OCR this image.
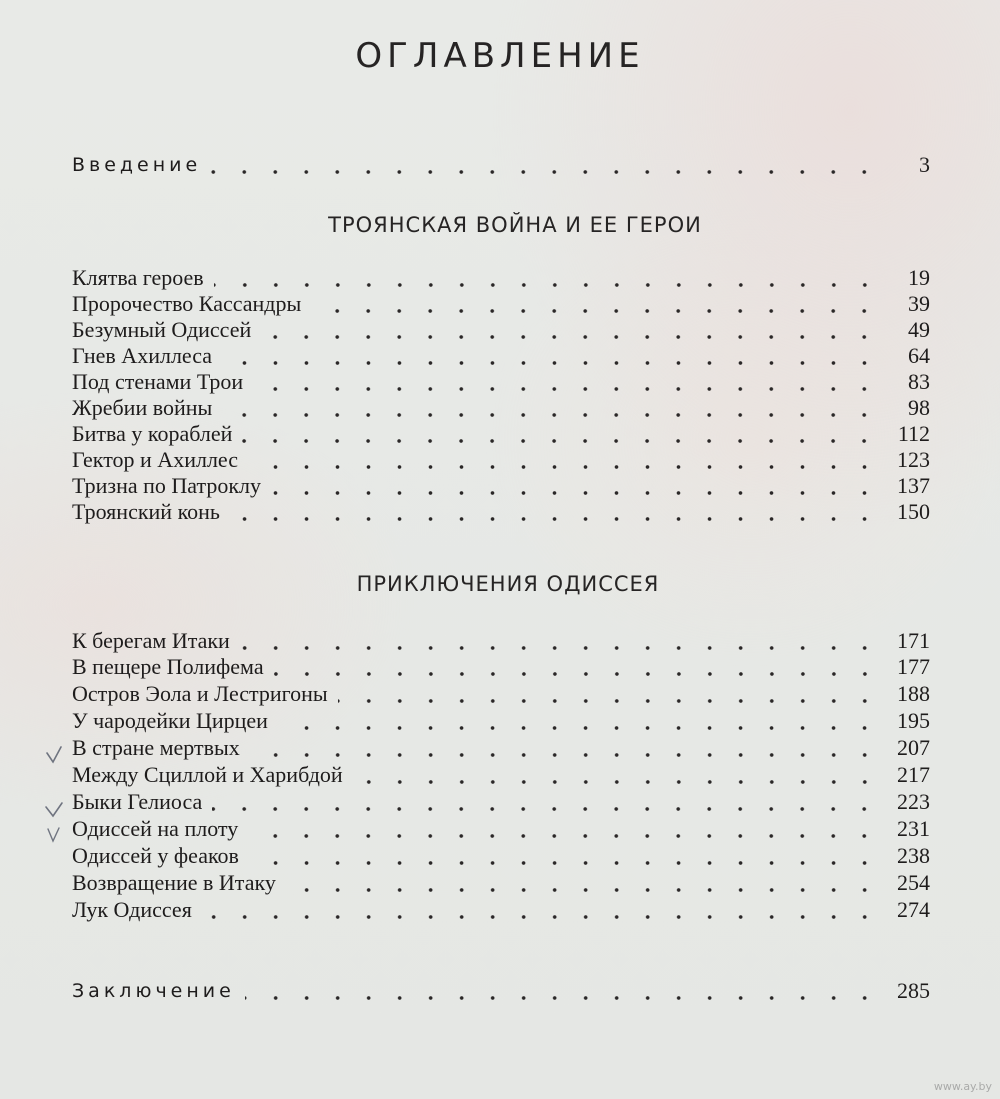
ОГЛАВЛЕНИЕ
Введение	3
ТРОЯНСКАЯ ВОЙНА И ЕЕ ГЕРОИ
Клятва героев	19
Пророчество Кассандры	39
Безумный Одиссей	49
Гнев Ахиллеса	64
Под стенами Трои	83
Жребии войны	98
Битва у кораблей	112
Гектор и Ахиллес	123
Тризна по Патроклу	137
Троянский конь	150
ПРИКЛЮЧЕНИЯ ОДИССЕЯ
К берегам Итаки	171
В пещере Полифема	177
Остров Эола и Лестригоны	188
У чародейки Цирцеи	195
В стране мертвых	207
Между Сциллой и Харибдой	217
Быки Гелиоса	223
Одиссей на плоту	231
Одиссей у феаков	238
Возвращение в Итаку	254
Лук Одиссея	274
Заключение	285
www.ay.by
